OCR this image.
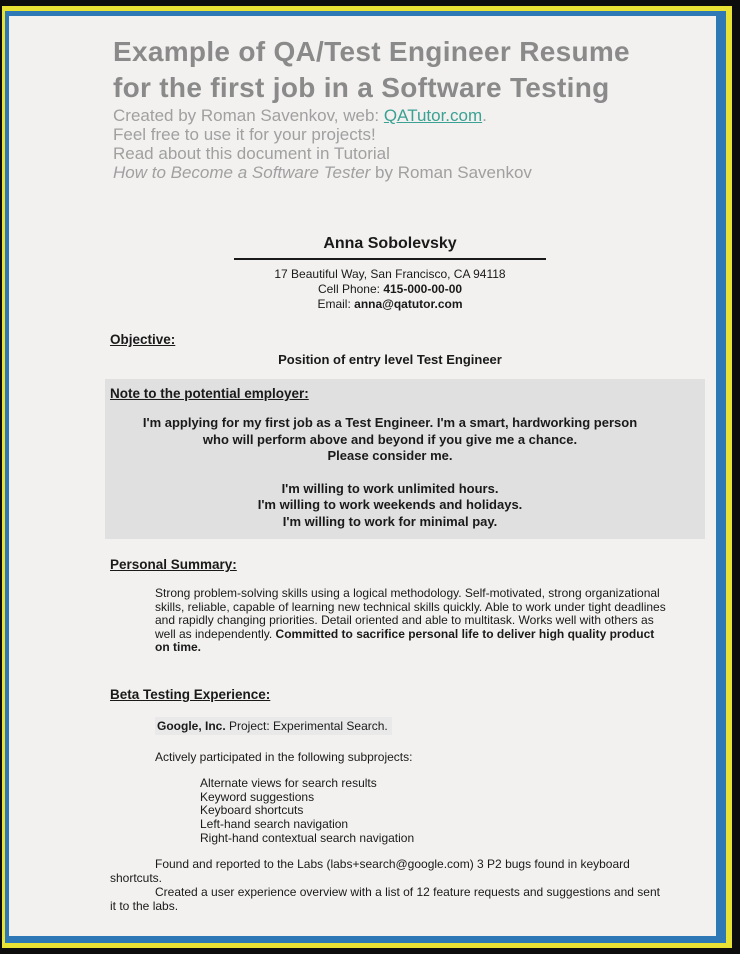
Example of QA/Test Engineer Resume
for the first job in a Software Testing
Created by Roman Savenkov, web: QATutor.com.
Feel free to use it for your projects!
Read about this document in Tutorial
How to Become a Software Tester by Roman Savenkov
Anna Sobolevsky
17 Beautiful Way, San Francisco, CA 94118
Cell Phone: 415-000-00-00
Email: anna@qatutor.com
Objective:
Position of entry level Test Engineer
Note to the potential employer:
I'm applying for my first job as a Test Engineer. I'm a smart, hardworking person
who will perform above and beyond if you give me a chance.
Please consider me.
I'm willing to work unlimited hours.
I'm willing to work weekends and holidays.
I'm willing to work for minimal pay.
Personal Summary:
Strong problem-solving skills using a logical methodology. Self-motivated, strong organizational skills, reliable, capable of learning new technical skills quickly. Able to work under tight deadlines and rapidly changing priorities. Detail oriented and able to multitask. Works well with others as well as independently. Committed to sacrifice personal life to deliver high quality product on time.
Beta Testing Experience:
Google, Inc. Project: Experimental Search.
Actively participated in the following subprojects:
Alternate views for search results
Keyword suggestions
Keyboard shortcuts
Left-hand search navigation
Right-hand contextual search navigation
Found and reported to the Labs (labs+search@google.com) 3 P2 bugs found in keyboard shortcuts.
Created a user experience overview with a list of 12 feature requests and suggestions and sent it to the labs.
